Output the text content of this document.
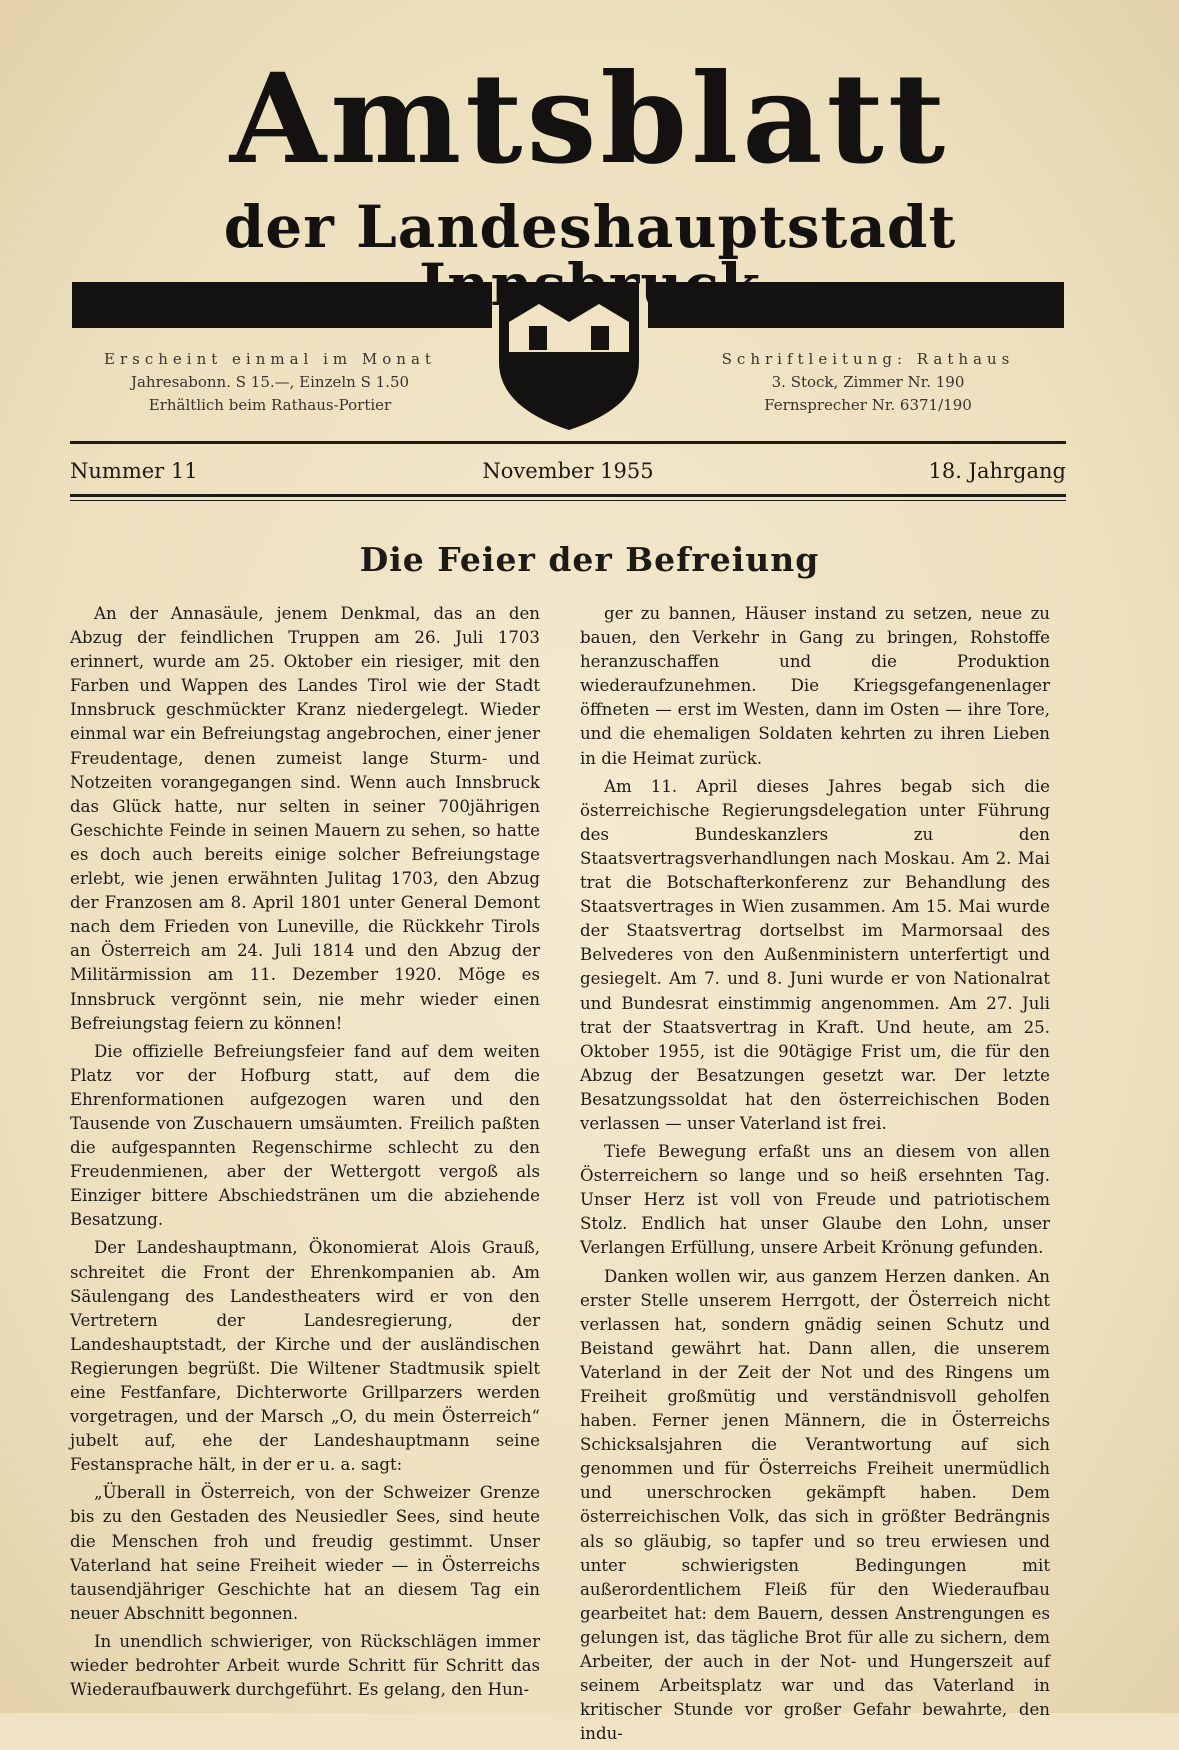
Amtsblatt
der Landeshauptstadt
Erscheint einmal im Monat
Jahresabonn. S 15.—, Einzeln S 1.50
Erhältlich beim Rathaus-Portier
Schriftleitung: Rathaus
3. Stock, Zimmer Nr. 190
Fernsprecher Nr. 6371/190
Nummer 11	November 1955	18. Jahrgang
Die Feier der Befreiung

An der Annasäule, jenem Denkmal, das an den Abzug der feindlichen Truppen am 26. Juli 1703 erinnert, wurde am 25. Oktober ein riesiger, mit den Farben und Wappen des Landes Tirol wie der Stadt Innsbruck geschmückter Kranz niedergelegt. Wieder einmal war ein Befreiungstag angebrochen, einer jener Freudentage, denen zumeist lange Sturm- und Notzeiten vorangegangen sind. Wenn auch Innsbruck das Glück hatte, nur selten in seiner 700jährigen Geschichte Feinde in seinen Mauern zu sehen, so hatte es doch auch bereits einige solcher Befreiungstage erlebt, wie jenen erwähnten Julitag 1703, den Abzug der Franzosen am 8. April 1801 unter General Demont nach dem Frieden von Luneville, die Rückkehr Tirols an Österreich am 24. Juli 1814 und den Abzug der Militärmission am 11. Dezember 1920. Möge es Innsbruck vergönnt sein, nie mehr wieder einen Befreiungstag feiern zu können!

Die offizielle Befreiungsfeier fand auf dem weiten Platz vor der Hofburg statt, auf dem die Ehrenformationen aufgezogen waren und den Tausende von Zuschauern umsäumten. Freilich paßten die aufgespannten Regenschirme schlecht zu den Freudenmienen, aber der Wettergott vergoß als Einziger bittere Abschiedstränen um die abziehende Besatzung.

Der Landeshauptmann, Ökonomierat Alois Grauß, schreitet die Front der Ehrenkompanien ab. Am Säulengang des Landestheaters wird er von den Vertretern der Landesregierung, der Landeshauptstadt, der Kirche und der ausländischen Regierungen begrüßt. Die Wiltener Stadtmusik spielt eine Festfanfare, Dichterworte Grillparzers werden vorgetragen, und der Marsch „O, du mein Österreich“ jubelt auf, ehe der Landeshauptmann seine Festansprache hält, in der er u. a. sagt:

„Überall in Österreich, von der Schweizer Grenze bis zu den Gestaden des Neusiedler Sees, sind heute die Menschen froh und freudig gestimmt. Unser Vaterland hat seine Freiheit wieder — in Österreichs tausendjähriger Geschichte hat an diesem Tag ein neuer Abschnitt begonnen.

In unendlich schwieriger, von Rückschlägen immer wieder bedrohter Arbeit wurde Schritt für Schritt das Wiederaufbauwerk durchgeführt. Es gelang, den Hun-

ger zu bannen, Häuser instand zu setzen, neue zu bauen, den Verkehr in Gang zu bringen, Rohstoffe heranzuschaffen und die Produktion wiederaufzunehmen. Die Kriegsgefangenenlager öffneten — erst im Westen, dann im Osten — ihre Tore, und die ehemaligen Soldaten kehrten zu ihren Lieben in die Heimat zurück.

Am 11. April dieses Jahres begab sich die österreichische Regierungsdelegation unter Führung des Bundeskanzlers zu den Staatsvertragsverhandlungen nach Moskau. Am 2. Mai trat die Botschafterkonferenz zur Behandlung des Staatsvertrages in Wien zusammen. Am 15. Mai wurde der Staatsvertrag dortselbst im Marmorsaal des Belvederes von den Außenministern unterfertigt und gesiegelt. Am 7. und 8. Juni wurde er von Nationalrat und Bundesrat einstimmig angenommen. Am 27. Juli trat der Staatsvertrag in Kraft. Und heute, am 25. Oktober 1955, ist die 90tägige Frist um, die für den Abzug der Besatzungen gesetzt war. Der letzte Besatzungssoldat hat den österreichischen Boden verlassen — unser Vaterland ist frei.

Tiefe Bewegung erfaßt uns an diesem von allen Österreichern so lange und so heiß ersehnten Tag. Unser Herz ist voll von Freude und patriotischem Stolz. Endlich hat unser Glaube den Lohn, unser Verlangen Erfüllung, unsere Arbeit Krönung gefunden.

Danken wollen wir, aus ganzem Herzen danken. An erster Stelle unserem Herrgott, der Österreich nicht verlassen hat, sondern gnädig seinen Schutz und Beistand gewährt hat. Dann allen, die unserem Vaterland in der Zeit der Not und des Ringens um Freiheit großmütig und verständnisvoll geholfen haben. Ferner jenen Männern, die in Österreichs Schicksalsjahren die Verantwortung auf sich genommen und für Österreichs Freiheit unermüdlich und unerschrocken gekämpft haben. Dem österreichischen Volk, das sich in größter Bedrängnis als so gläubig, so tapfer und so treu erwiesen und unter schwierigsten Bedingungen mit außerordentlichem Fleiß für den Wiederaufbau gearbeitet hat: dem Bauern, dessen Anstrengungen es gelungen ist, das tägliche Brot für alle zu sichern, dem Arbeiter, der auch in der Not- und Hungerszeit auf seinem Arbeitsplatz war und das Vaterland in kritischer Stunde vor großer Gefahr bewahrte, den indu-
